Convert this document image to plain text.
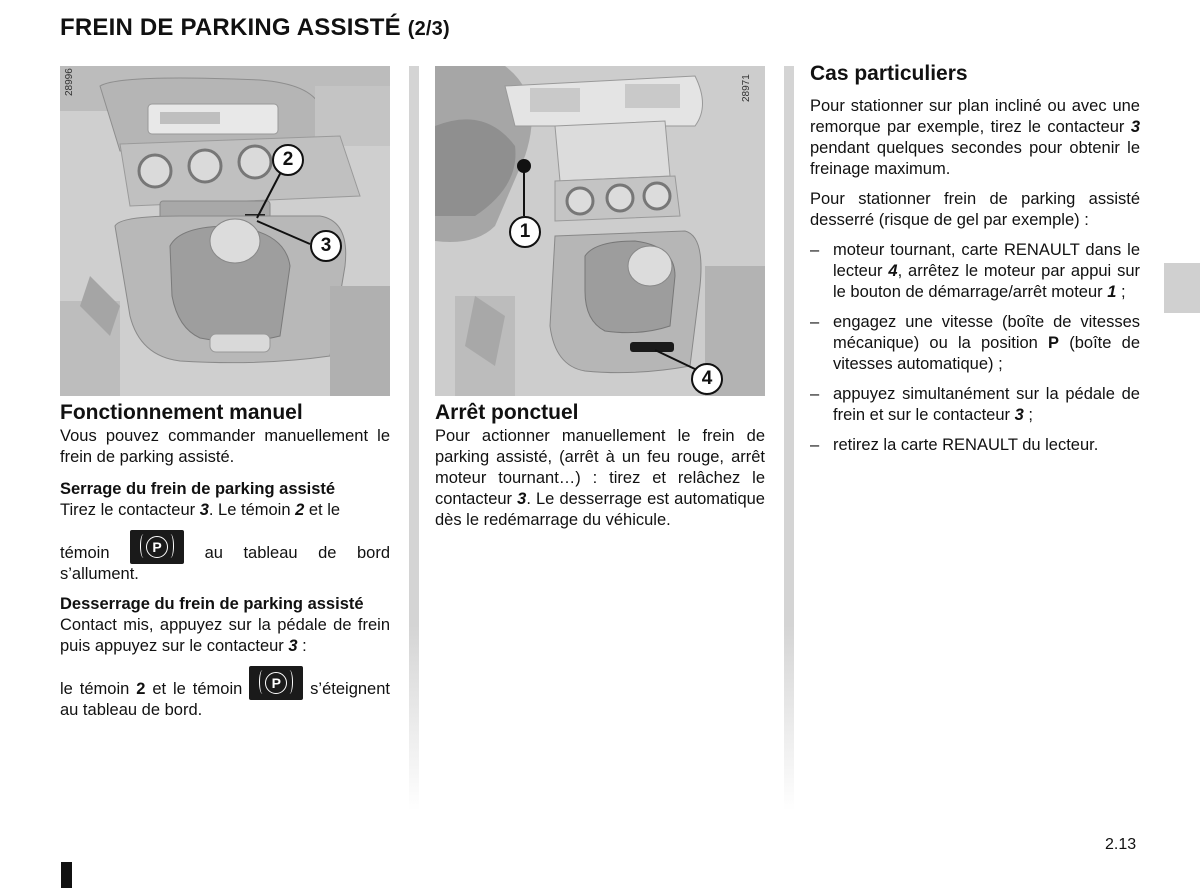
FREIN DE PARKING ASSISTÉ (2/3)
28996
2
3
28971
1
4
Fonctionnement manuel

Vous pouvez commander manuellement le frein de parking assisté.

Serrage du frein de parking assisté

Tirez le contacteur 3. Le témoin 2 et le

témoin	P	au tableau de bord s’allument.

Desserrage du frein de parking assisté

Contact mis, appuyez sur la pédale de frein puis appuyez sur le contacteur 3 :

le témoin 2 et le témoin	P	s’éteignent au tableau de bord.

Arrêt ponctuel

Pour actionner manuellement le frein de parking assisté, (arrêt à un feu rouge, arrêt moteur tournant…) : tirez et relâchez le contacteur 3. Le desserrage est automatique dès le redémarrage du véhicule.

Cas particuliers

Pour stationner sur plan incliné ou avec une remorque par exemple, tirez le contacteur 3 pendant quelques secondes pour obtenir le freinage maximum.

Pour stationner frein de parking assisté desserré (risque de gel par exemple) :

– moteur tournant, carte RENAULT dans le lecteur 4, arrêtez le moteur par appui sur le bouton de démarrage/arrêt moteur 1 ;
– engagez une vitesse (boîte de vitesses mécanique) ou la position P (boîte de vitesses automatique) ;
– appuyez simultanément sur la pédale de frein et sur le contacteur 3 ;
– retirez la carte RENAULT du lecteur.
2.13
